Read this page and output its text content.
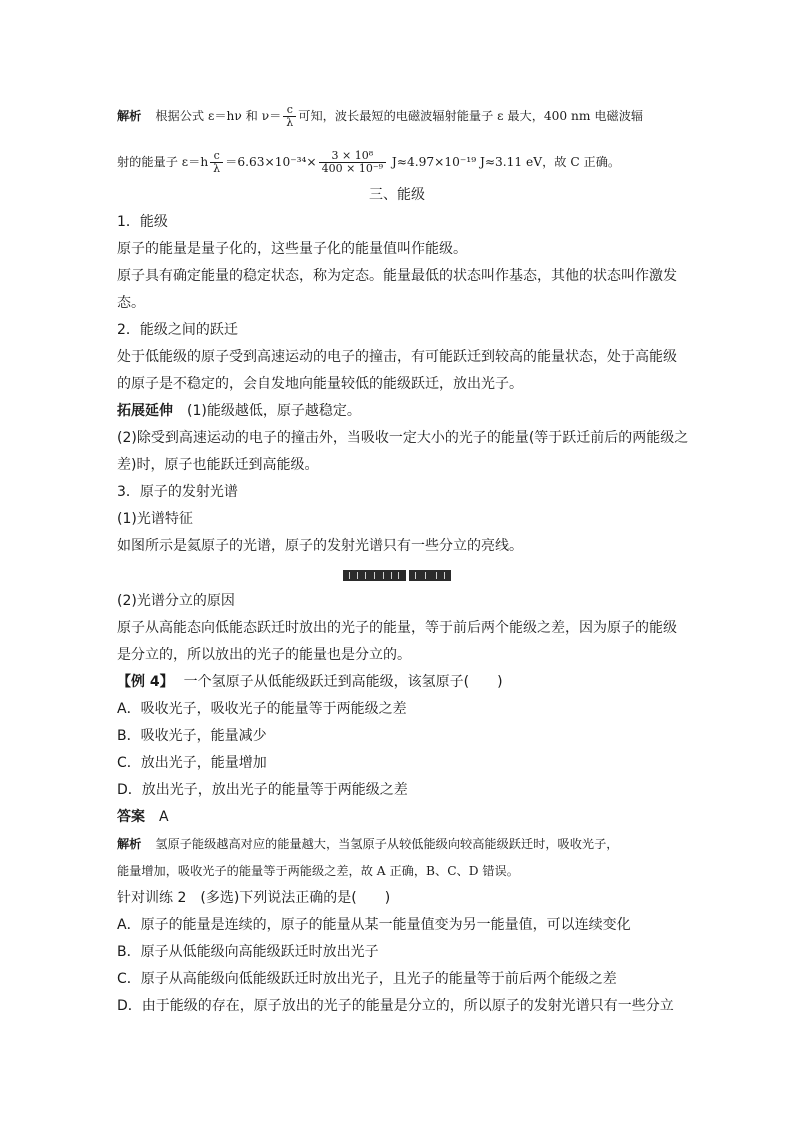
解析 根据公式 ε＝hν 和 $\nu= \frac{c}{\lambda}$ 可知，波长最短的电磁波辐射能量子 ε 最大，400 nm 电磁波辐
射的能量子 $\varepsilon=h \frac{c}{\lambda} =6.63\times 10^{-34}\times \frac{\text{3 × 10⁸}}{\text{400 × 10⁻⁹}} J\approx 4.97\times 10^{-19}$ J≈3.11 eV，故 C 正确。
三、能级
1．能级
原子的能量是量子化的，这些量子化的能量值叫作能级。
原子具有确定能量的稳定状态，称为定态。能量最低的状态叫作基态，其他的状态叫作激发
态。
2．能级之间的跃迁
处于低能级的原子受到高速运动的电子的撞击，有可能跃迁到较高的能量状态，处于高能级
的原子是不稳定的，会自发地向能量较低的能级跃迁，放出光子。
拓展延伸 (1)能级越低，原子越稳定。
(2)除受到高速运动的电子的撞击外，当吸收一定大小的光子的能量(等于跃迁前后的两能级之
差)时，原子也能跃迁到高能级。
3．原子的发射光谱
(1)光谱特征
如图所示是氦原子的光谱，原子的发射光谱只有一些分立的亮线。
(2)光谱分立的原因
原子从高能态向低能态跃迁时放出的光子的能量，等于前后两个能级之差，因为原子的能级
是分立的，所以放出的光子的能量也是分立的。
【例 4】 一个氢原子从低能级跃迁到高能级，该氢原子(　　)
A．吸收光子，吸收光子的能量等于两能级之差
B．吸收光子，能量减少
C．放出光子，能量增加
D．放出光子，放出光子的能量等于两能级之差
答案 A
解析 氢原子能级越高对应的能量越大，当氢原子从较低能级向较高能级跃迁时，吸收光子，
能量增加，吸收光子的能量等于两能级之差，故 A 正确，B、C、D 错误。
针对训练 2　(多选)下列说法正确的是(　　)
A．原子的能量是连续的，原子的能量从某一能量值变为另一能量值，可以连续变化
B．原子从低能级向高能级跃迁时放出光子
C．原子从高能级向低能级跃迁时放出光子，且光子的能量等于前后两个能级之差
D．由于能级的存在，原子放出的光子的能量是分立的，所以原子的发射光谱只有一些分立
